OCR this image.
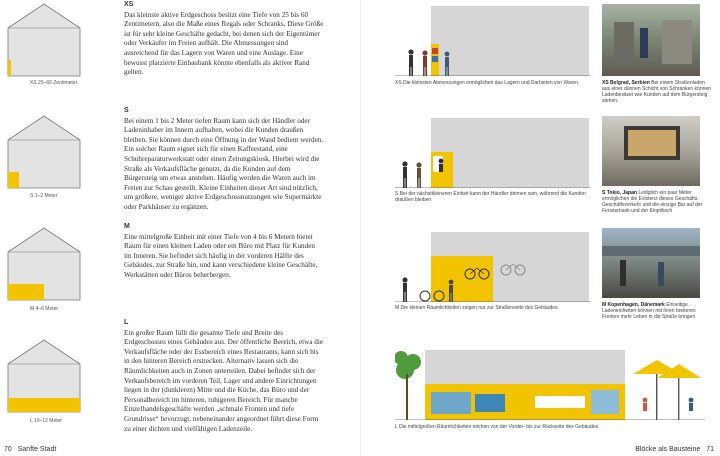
XS 25–60 Zentimeter
S 1–2 Meter
M 4–6 Meter
L 10–12 Meter
XS
Das kleinste aktive Erdgeschoss besitzt eine Tiefe von 25 bis 60 Zentimetern, also die Maße eines Regals oder Schranks. Diese Größe ist für sehr kleine Geschäfte gedacht, bei denen sich der Eigentümer oder Verkäufer im Freien aufhält. Die Abmessungen sind ausreichend für das Lagern von Waren und eine Auslage. Eine bewusst platzierte Einbaubank könnte ebenfalls als aktiver Rand gelten.
S
Bei einem 1 bis 2 Meter tiefen Raum kann sich der Händler oder Ladeninhaber im Innern aufhalten, wobei die Kunden draußen bleiben. Sie können durch eine Öffnung in der Wand bedient werden. Ein solcher Raum eignet sich für einen Kaffeestand, eine Schuhreparaturwerkstatt oder einen Zeitungskiosk. Hierbei wird die Straße als Verkaufsfläche genutzt, da die Kunden auf dem Bürgersteig um etwas anstehen. Häufig werden die Waren auch im Freien zur Schau gestellt. Kleine Einheiten dieser Art sind nützlich, um größere, weniger aktive Erdgeschossnutzungen wie Supermärkte oder Parkhäuser zu ergänzen.
M
Eine mittelgroße Einheit mit einer Tiefe von 4 bis 6 Metern bietet Raum für einen kleinen Laden oder ein Büro mit Platz für Kunden im Inneren. Sie befindet sich häufig in der vorderen Hälfte des Gebäudes, zur Straße hin, und kann verschiedene kleine Geschäfte, Werkstätten oder Büros beherbergen.
L
Ein großer Raum füllt die gesamte Tiefe und Breite des Erdgeschosses eines Gebäudes aus. Der öffentliche Bereich, etwa die Verkaufsfläche oder der Essbereich eines Restaurants, kann sich bis in den hinteren Bereich erstrecken. Alternativ lassen sich die Räumlichkeiten auch in Zonen unterteilen. Dabei befindet sich der Verkaufsbereich im vorderen Teil, Lager und andere Einrichtungen liegen in der (dunkleren) Mitte und die Küche, das Büro und der Personalbereich im hinteren, ruhigeren Bereich. Für manche Einzelhandelsgeschäfte werden „schmale Fronten und tiefe Grundrisse“ bevorzugt, nebeneinander angeordnet führt diese Form zu einer dichten und vielfältigen Ladenzeile.
XS Die kleinsten Abmessungen ermöglichen das Lagern und Darbieten von Waren
S Bei der nächstkleineren Einheit kann der Händler drinnen sein, während die Kunden draußen bleiben
M Die kleinen Räumlichkeiten zeigen nur zur Straßenseite des Gebäudes
L Die mittelgroßen Räumlichkeiten reichen von der Vorder- bis zur Rückseite des Gebäudes
XS Belgrad, Serbien Bei einem Straßenladen aus einer dünnen Schicht von Schränken können Ladenbesitzer wie Kunden auf dem Bürgersteig stehen.
S Tokio, Japan Lediglich ein paar Meter ermöglichen die Existenz dieses Geschäfts. Geschäftsverkehr und die einzige Bar auf der Fensterbank und der Kioptitisch
M Kopenhagen, Dänemark Einseitige Ladeneinheiten können mit ihren breiteren Fronten mehr Leben in die Straße bringen
70 Sanfte Stadt	Blöcke als Bausteine 71
